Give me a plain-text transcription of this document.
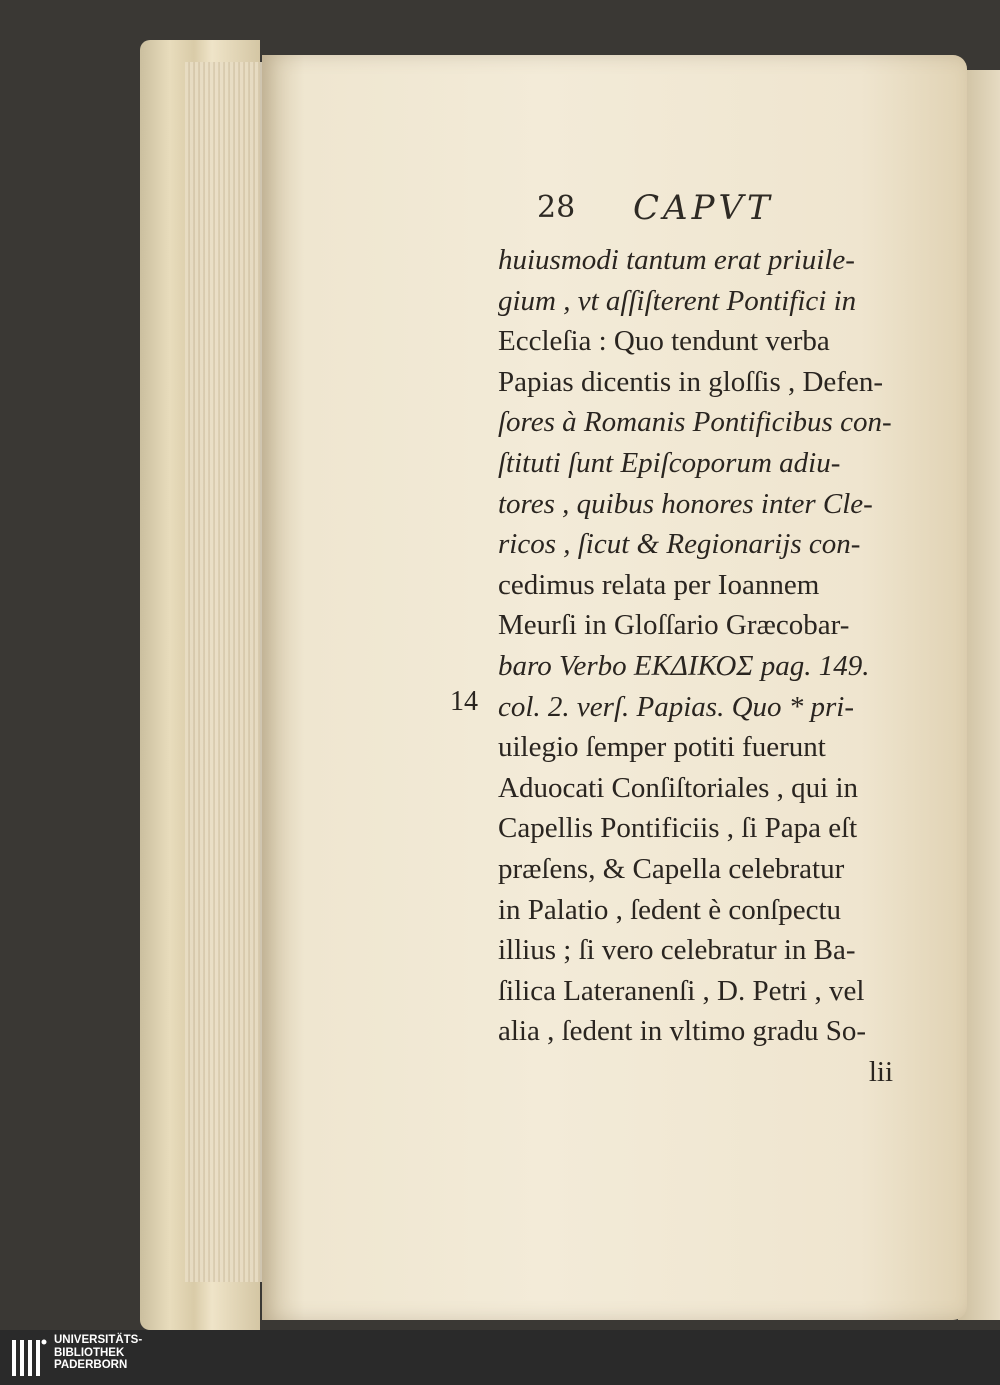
28 CAPVT
14
huiusmodi tantum erat priuile-
gium , vt aſſiſterent Pontifici in
Eccleſia : Quo tendunt verba
Papias dicentis in gloſſis , Defen-
ſores à Romanis Pontificibus con-
ſtituti ſunt Epiſcoporum adiu-
tores , quibus honores inter Cle-
ricos , ſicut & Regionarijs con-
cedimus relata per Ioannem
Meurſi in Gloſſario Græcobar-
baro Verbo ΕΚΔΙΚΟΣ pag. 149.
col. 2. verſ. Papias. Quo * pri-
uilegio ſemper potiti fuerunt
Aduocati Conſiſtoriales , qui in
Capellis Pontificiis , ſi Papa eſt
præſens, & Capella celebratur
in Palatio , ſedent è conſpectu
illius ; ſi vero celebratur in Ba-
ſilica Lateranenſi , D. Petri , vel
alia , ſedent in vltimo gradu So-
lii
UNIVERSITÄTS-
BIBLIOTHEK
PADERBORN
